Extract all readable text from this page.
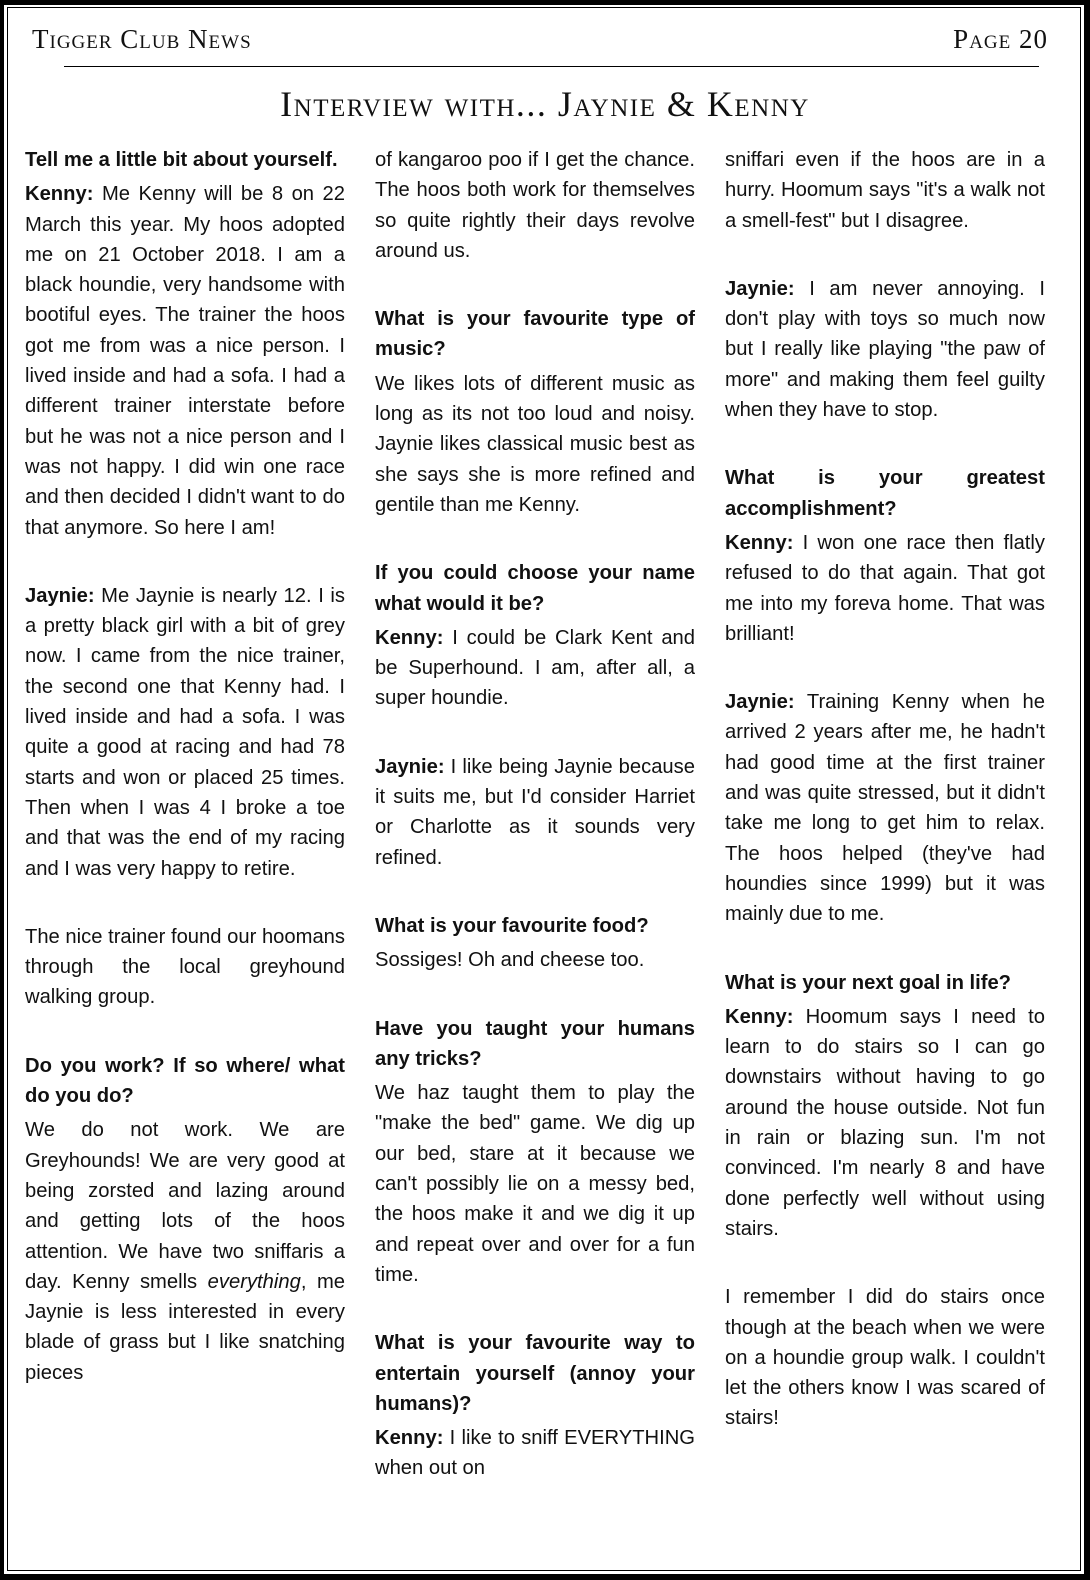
Tigger Club News	Page 20
Interview with... Jaynie & Kenny

Tell me a little bit about yourself.

Kenny: Me Kenny will be 8 on 22 March this year. My hoos adopted me on 21 October 2018. I am a black houndie, very handsome with bootiful eyes. The trainer the hoos got me from was a nice person. I lived inside and had a sofa. I had a different trainer interstate before but he was not a nice person and I was not happy. I did win one race and then decided I didn't want to do that anymore. So here I am!

Jaynie: Me Jaynie is nearly 12. I is a pretty black girl with a bit of grey now. I came from the nice trainer, the second one that Kenny had. I lived inside and had a sofa. I was quite a good at racing and had 78 starts and won or placed 25 times. Then when I was 4 I broke a toe and that was the end of my racing and I was very happy to retire.

The nice trainer found our hoomans through the local greyhound walking group.

Do you work? If so where/ what do you do?

We do not work. We are Greyhounds! We are very good at being zorsted and lazing around and getting lots of the hoos attention. We have two sniffaris a day. Kenny smells everything, me Jaynie is less interested in every blade of grass but I like snatching pieces

of kangaroo poo if I get the chance. The hoos both work for themselves so quite rightly their days revolve around us.

What is your favourite type of music?

We likes lots of different music as long as its not too loud and noisy. Jaynie likes classical music best as she says she is more refined and gentile than me Kenny.

If you could choose your name what would it be?

Kenny: I could be Clark Kent and be Superhound. I am, after all, a super houndie.

Jaynie: I like being Jaynie because it suits me, but I'd consider Harriet or Charlotte as it sounds very refined.

What is your favourite food?

Sossiges! Oh and cheese too.

Have you taught your humans any tricks?

We haz taught them to play the "make the bed" game. We dig up our bed, stare at it because we can't possibly lie on a messy bed, the hoos make it and we dig it up and repeat over and over for a fun time.

What is your favourite way to entertain yourself (annoy your humans)?

Kenny: I like to sniff EVERYTHING when out on

sniffari even if the hoos are in a hurry. Hoomum says "it's a walk not a smell-fest" but I disagree.

Jaynie: I am never annoying. I don't play with toys so much now but I really like playing "the paw of more" and making them feel guilty when they have to stop.

What is your greatest accomplishment?

Kenny: I won one race then flatly refused to do that again. That got me into my foreva home. That was brilliant!

Jaynie: Training Kenny when he arrived 2 years after me, he hadn't had good time at the first trainer and was quite stressed, but it didn't take me long to get him to relax. The hoos helped (they've had houndies since 1999) but it was mainly due to me.

What is your next goal in life?

Kenny: Hoomum says I need to learn to do stairs so I can go downstairs without having to go around the house outside. Not fun in rain or blazing sun. I'm not convinced. I'm nearly 8 and have done perfectly well without using stairs.

I remember I did do stairs once though at the beach when we were on a houndie group walk. I couldn't let the others know I was scared of stairs!
